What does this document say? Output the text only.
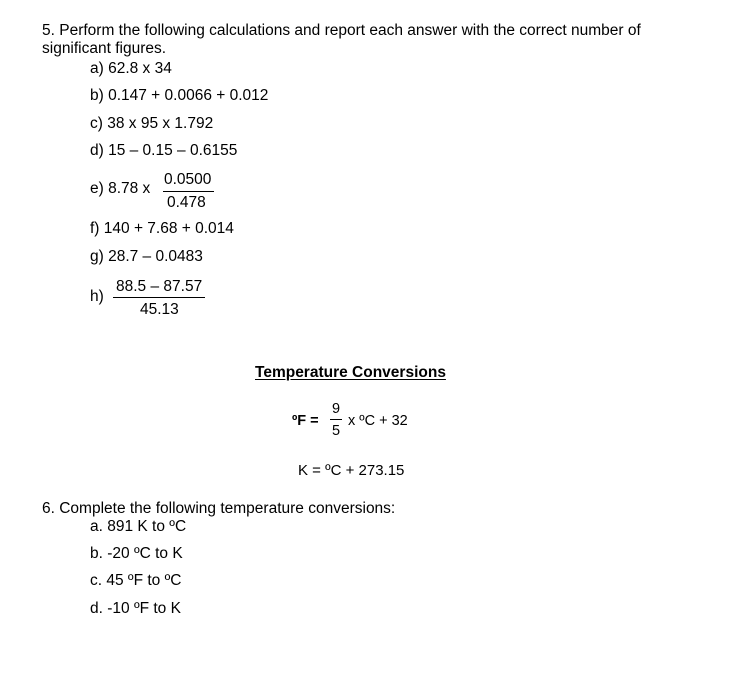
5. Perform the following calculations and report each answer with the correct number of
significant figures.
a) 62.8 x 34
b) 0.147 + 0.0066 + 0.012
c) 38 x 95 x 1.792
d) 15 – 0.15 – 0.6155
e) 8.78 x
0.0500
0.478
f) 140 + 7.68 + 0.014
g) 28.7 – 0.0483
h)
88.5 – 87.57
45.13
Temperature Conversions
ºF =
9
5
x ºC + 32
K = ºC + 273.15
6. Complete the following temperature conversions:
a. 891 K to ºC
b. -20 ºC to K
c. 45 ºF to ºC
d. -10 ºF to K
